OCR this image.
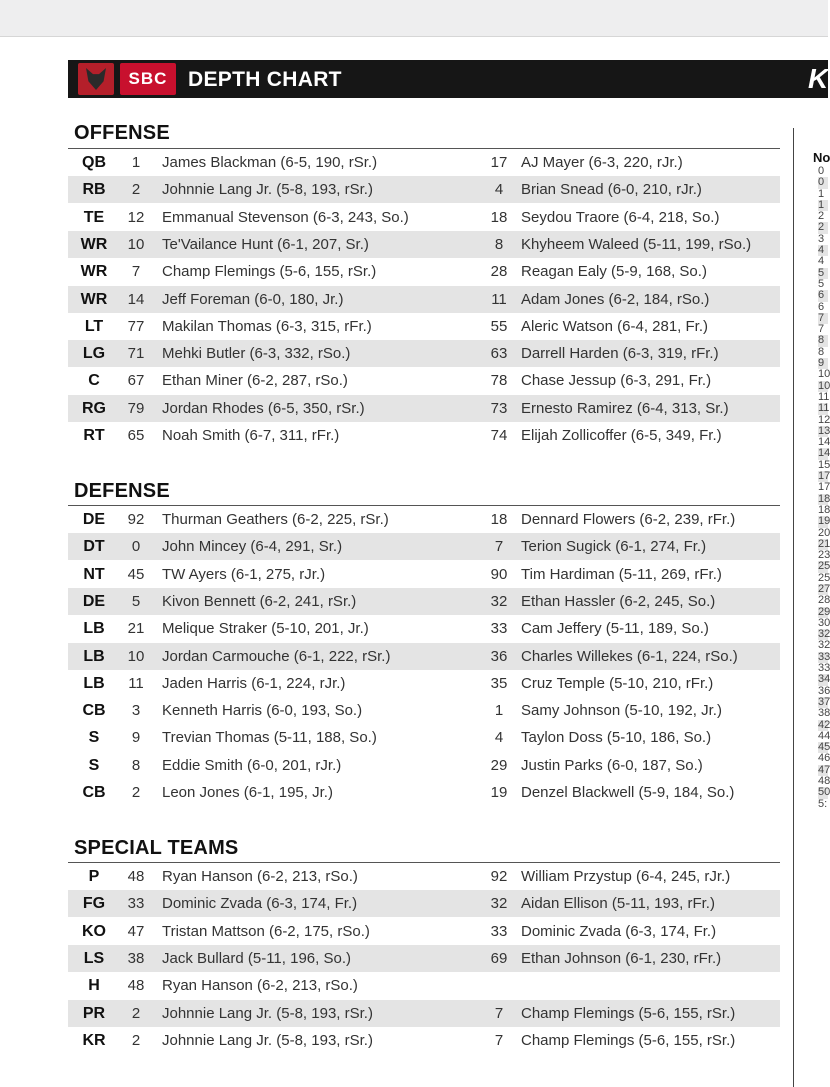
SBC DEPTH CHART	K
OFFENSE
QB	1	James Blackman (6-5, 190, rSr.)	17 AJ Mayer (6-3, 220, rJr.)
RB	2	Johnnie Lang Jr. (5-8, 193, rSr.)	4	Brian Snead (6-0, 210, rJr.)
TE	12 Emmanual Stevenson (6-3, 243, So.)	18 Seydou Traore (6-4, 218, So.)
WR	10 Te'Vailance Hunt (6-1, 207, Sr.)	8	Khyheem Waleed (5-11, 199, rSo.)
WR	7	Champ Flemings (5-6, 155, rSr.)	28 Reagan Ealy (5-9, 168, So.)
WR	14 Jeff Foreman (6-0, 180, Jr.)	11 Adam Jones (6-2, 184, rSo.)
LT	77 Makilan Thomas (6-3, 315, rFr.)	55 Aleric Watson (6-4, 281, Fr.)
LG	71 Mehki Butler (6-3, 332, rSo.)	63 Darrell Harden (6-3, 319, rFr.)
C	67 Ethan Miner (6-2, 287, rSo.)	78 Chase Jessup (6-3, 291, Fr.)
RG	79 Jordan Rhodes (6-5, 350, rSr.)	73 Ernesto Ramirez (6-4, 313, Sr.)
RT	65 Noah Smith (6-7, 311, rFr.)	74 Elijah Zollicoffer (6-5, 349, Fr.)
DEFENSE
DE	92 Thurman Geathers (6-2, 225, rSr.)	18 Dennard Flowers (6-2, 239, rFr.)
DT	0	John Mincey (6-4, 291, Sr.)	7	Terion Sugick (6-1, 274, Fr.)
NT	45 TW Ayers (6-1, 275, rJr.)	90 Tim Hardiman (5-11, 269, rFr.)
DE	5	Kivon Bennett (6-2, 241, rSr.)	32 Ethan Hassler (6-2, 245, So.)
LB	21 Melique Straker (5-10, 201, Jr.)	33 Cam Jeffery (5-11, 189, So.)
LB	10 Jordan Carmouche (6-1, 222, rSr.)	36 Charles Willekes (6-1, 224, rSo.)
LB	11 Jaden Harris (6-1, 224, rJr.)	35 Cruz Temple (5-10, 210, rFr.)
CB	3	Kenneth Harris (6-0, 193, So.)	1	Samy Johnson (5-10, 192, Jr.)
S	9	Trevian Thomas (5-11, 188, So.)	4	Taylon Doss (5-10, 186, So.)
S	8	Eddie Smith (6-0, 201, rJr.)	29 Justin Parks (6-0, 187, So.)
CB	2	Leon Jones (6-1, 195, Jr.)	19 Denzel Blackwell (5-9, 184, So.)
SPECIAL TEAMS
P	48 Ryan Hanson (6-2, 213, rSo.)	92 William Przystup (6-4, 245, rJr.)
FG	33 Dominic Zvada (6-3, 174, Fr.)	32 Aidan Ellison (5-11, 193, rFr.)
KO	47 Tristan Mattson (6-2, 175, rSo.)	33 Dominic Zvada (6-3, 174, Fr.)
LS	38 Jack Bullard (5-11, 196, So.)	69 Ethan Johnson (6-1, 230, rFr.)
H	48 Ryan Hanson (6-2, 213, rSo.)
PR	2	Johnnie Lang Jr. (5-8, 193, rSr.)	7	Champ Flemings (5-6, 155, rSr.)
KR	2	Johnnie Lang Jr. (5-8, 193, rSr.)	7	Champ Flemings (5-6, 155, rSr.)
No
0
0
1
1
2
2
3
4
4
5
5
6
6
7
7
8
8
9
10
10
11
11
12
13
14
14
15
17
17
18
18
19
20
21
23
25
25
27
28
29
30
32
32
33
33
34
36
37
38
42
44
45
46
47
48
50
5:
